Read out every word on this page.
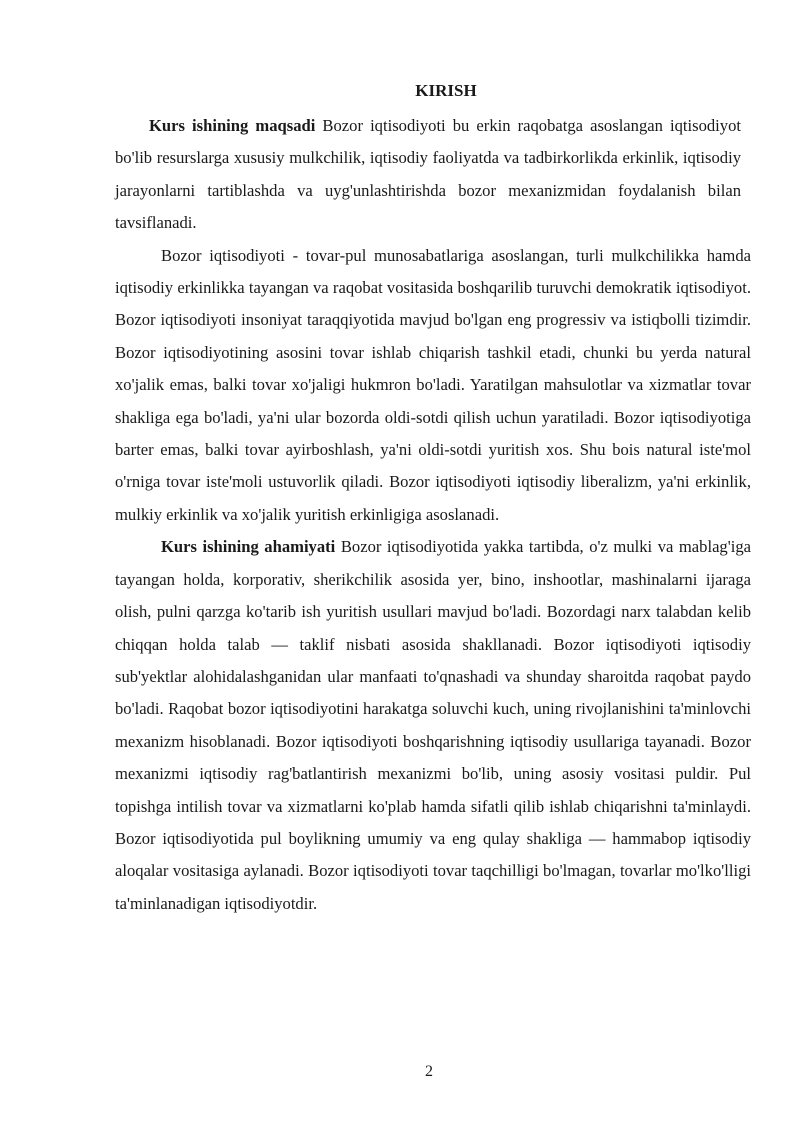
KIRISH

Kurs ishining maqsadi Bozor iqtisodiyoti bu erkin raqobatga asoslangan iqtisodiyot bo'lib resurslarga xususiy mulkchilik, iqtisodiy faoliyatda va tadbirkorlikda erkinlik, iqtisodiy jarayonlarni tartiblashda va uyg'unlashtirishda bozor mexanizmidan foydalanish bilan tavsiflanadi.

Bozor iqtisodiyoti - tovar-pul munosabatlariga asoslangan, turli mulkchilikka hamda iqtisodiy erkinlikka tayangan va raqobat vositasida boshqarilib turuvchi demokratik iqtisodiyot. Bozor iqtisodiyoti insoniyat taraqqiyotida mavjud bo'lgan eng progressiv va istiqbolli tizimdir. Bozor iqtisodiyotining asosini tovar ishlab chiqarish tashkil etadi, chunki bu yerda natural xo'jalik emas, balki tovar xo'jaligi hukmron bo'ladi. Yaratilgan mahsulotlar va xizmatlar tovar shakliga ega bo'ladi, ya'ni ular bozorda oldi-sotdi qilish uchun yaratiladi. Bozor iqtisodiyotiga barter emas, balki tovar ayirboshlash, ya'ni oldi-sotdi yuritish xos. Shu bois natural iste'mol o'rniga tovar iste'moli ustuvorlik qiladi. Bozor iqtisodiyoti iqtisodiy liberalizm, ya'ni erkinlik, mulkiy erkinlik va xo'jalik yuritish erkinligiga asoslanadi.

Kurs ishining ahamiyati Bozor iqtisodiyotida yakka tartibda, o'z mulki va mablag'iga tayangan holda, korporativ, sherikchilik asosida yer, bino, inshootlar, mashinalarni ijaraga olish, pulni qarzga ko'tarib ish yuritish usullari mavjud bo'ladi. Bozordagi narx talabdan kelib chiqqan holda talab — taklif nisbati asosida shakllanadi. Bozor iqtisodiyoti iqtisodiy sub'yektlar alohidalashganidan ular manfaati to'qnashadi va shunday sharoitda raqobat paydo bo'ladi. Raqobat bozor iqtisodiyotini harakatga soluvchi kuch, uning rivojlanishini ta'minlovchi mexanizm hisoblanadi. Bozor iqtisodiyoti boshqarishning iqtisodiy usullariga tayanadi. Bozor mexanizmi iqtisodiy rag'batlantirish mexanizmi bo'lib, uning asosiy vositasi puldir. Pul topishga intilish tovar va xizmatlarni ko'plab hamda sifatli qilib ishlab chiqarishni ta'minlaydi. Bozor iqtisodiyotida pul boylikning umumiy va eng qulay shakliga — hammabop iqtisodiy aloqalar vositasiga aylanadi. Bozor iqtisodiyoti tovar taqchilligi bo'lmagan, tovarlar mo'lko'lligi ta'minlanadigan iqtisodiyotdir.

2
